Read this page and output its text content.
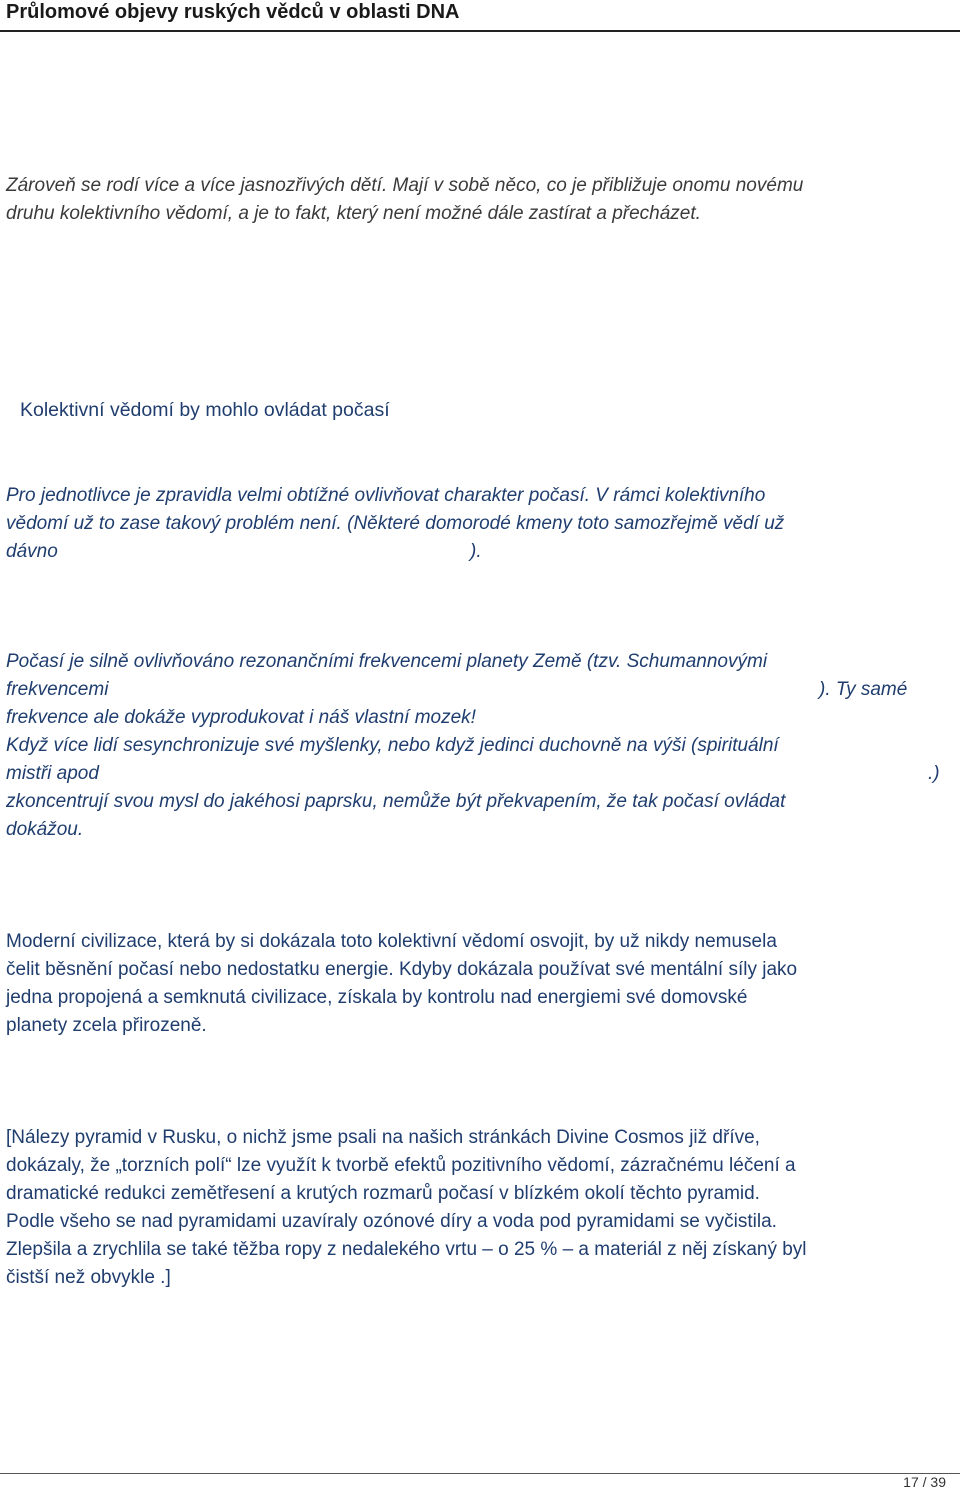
Průlomové objevy ruských vědců v oblasti DNA
Zároveň se rodí více a více jasnozřivých dětí. Mají v sobě něco, co je přibližuje onomu novému
druhu kolektivního vědomí, a je to fakt, který není možné dále zastírat a přecházet.
Kolektivní vědomí by mohlo ovládat počasí
Pro jednotlivce je zpravidla velmi obtížné ovlivňovat charakter počasí. V rámci kolektivního
vědomí už to zase takový problém není. (Některé domorodé kmeny toto samozřejmě vědí už
dávno	).
Počasí je silně ovlivňováno rezonančními frekvencemi planety Země (tzv. Schumannovými
frekvencemi	). Ty samé
frekvence ale dokáže vyprodukovat i náš vlastní mozek!
Když více lidí sesynchronizuje své myšlenky, nebo když jedinci duchovně na výši (spirituální
mistři apod	.)
zkoncentrují svou mysl do jakéhosi paprsku, nemůže být překvapením, že tak počasí ovládat
dokážou.
Moderní civilizace, která by si dokázala toto kolektivní vědomí osvojit, by už nikdy nemusela
čelit běsnění počasí nebo nedostatku energie. Kdyby dokázala používat své mentální síly jako
jedna propojená a semknutá civilizace, získala by kontrolu nad energiemi své domovské
planety zcela přirozeně.
[Nálezy pyramid v Rusku, o nichž jsme psali na našich stránkách Divine Cosmos již dříve,
dokázaly, že „torzních polí“ lze využít k tvorbě efektů pozitivního vědomí, zázračnému léčení a
dramatické redukci zemětřesení a krutých rozmarů počasí v blízkém okolí těchto pyramid.
Podle všeho se nad pyramidami uzavíraly ozónové díry a voda pod pyramidami se vyčistila.
Zlepšila a zrychlila se také těžba ropy z nedalekého vrtu – o 25 % – a materiál z něj získaný byl
čistší než obvykle .]
17 / 39
